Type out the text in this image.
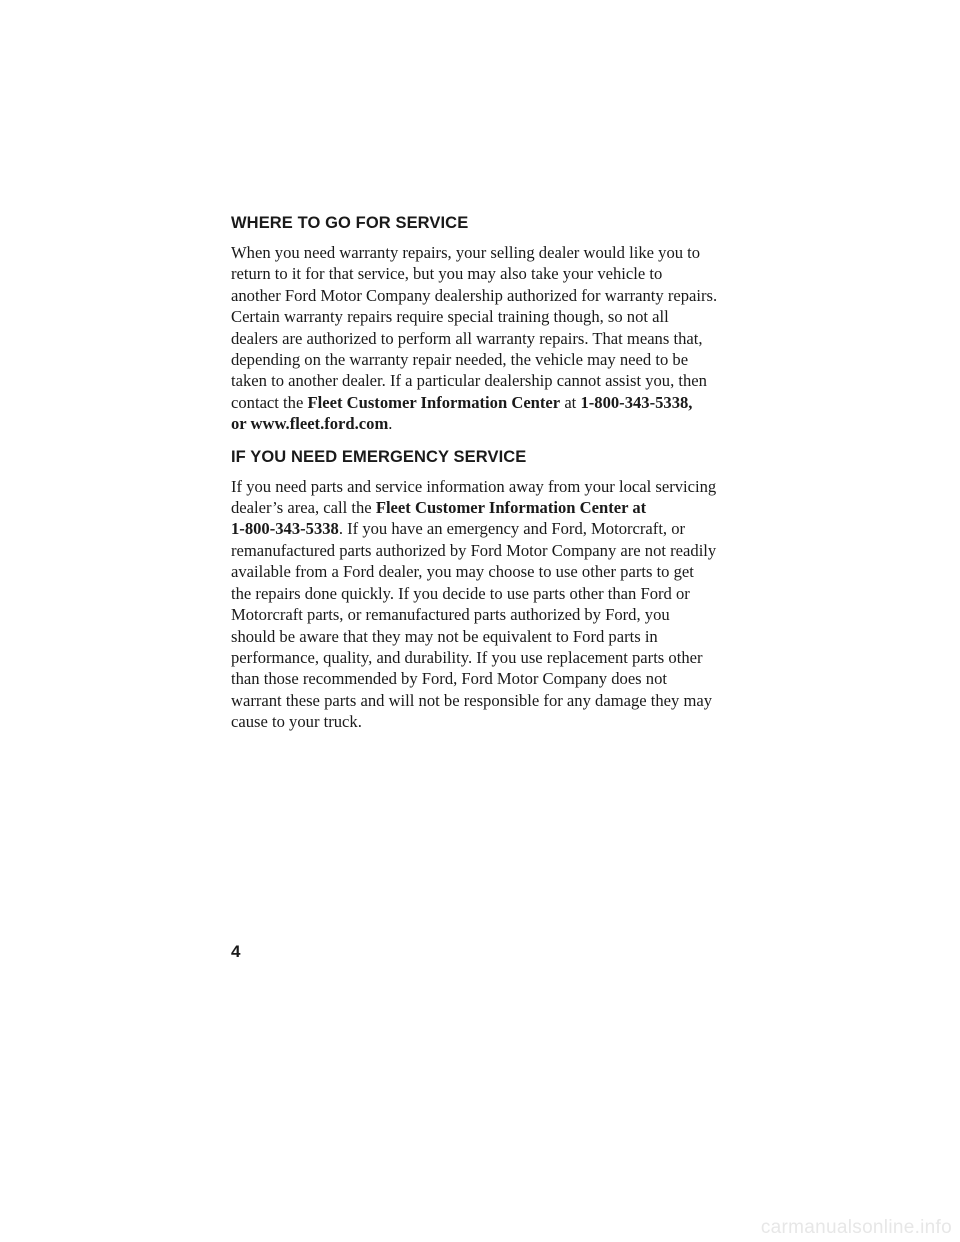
WHERE TO GO FOR SERVICE

When you need warranty repairs, your selling dealer would like you to
return to it for that service, but you may also take your vehicle to
another Ford Motor Company dealership authorized for warranty repairs.
Certain warranty repairs require special training though, so not all
dealers are authorized to perform all warranty repairs. That means that,
depending on the warranty repair needed, the vehicle may need to be
taken to another dealer. If a particular dealership cannot assist you, then
contact the Fleet Customer Information Center at 1-800-343-5338,
or www.fleet.ford.com.

IF YOU NEED EMERGENCY SERVICE

If you need parts and service information away from your local servicing
dealer’s area, call the Fleet Customer Information Center at
1-800-343-5338. If you have an emergency and Ford, Motorcraft, or
remanufactured parts authorized by Ford Motor Company are not readily
available from a Ford dealer, you may choose to use other parts to get
the repairs done quickly. If you decide to use parts other than Ford or
Motorcraft parts, or remanufactured parts authorized by Ford, you
should be aware that they may not be equivalent to Ford parts in
performance, quality, and durability. If you use replacement parts other
than those recommended by Ford, Ford Motor Company does not
warrant these parts and will not be responsible for any damage they may
cause to your truck.

4
carmanualsonline.info
